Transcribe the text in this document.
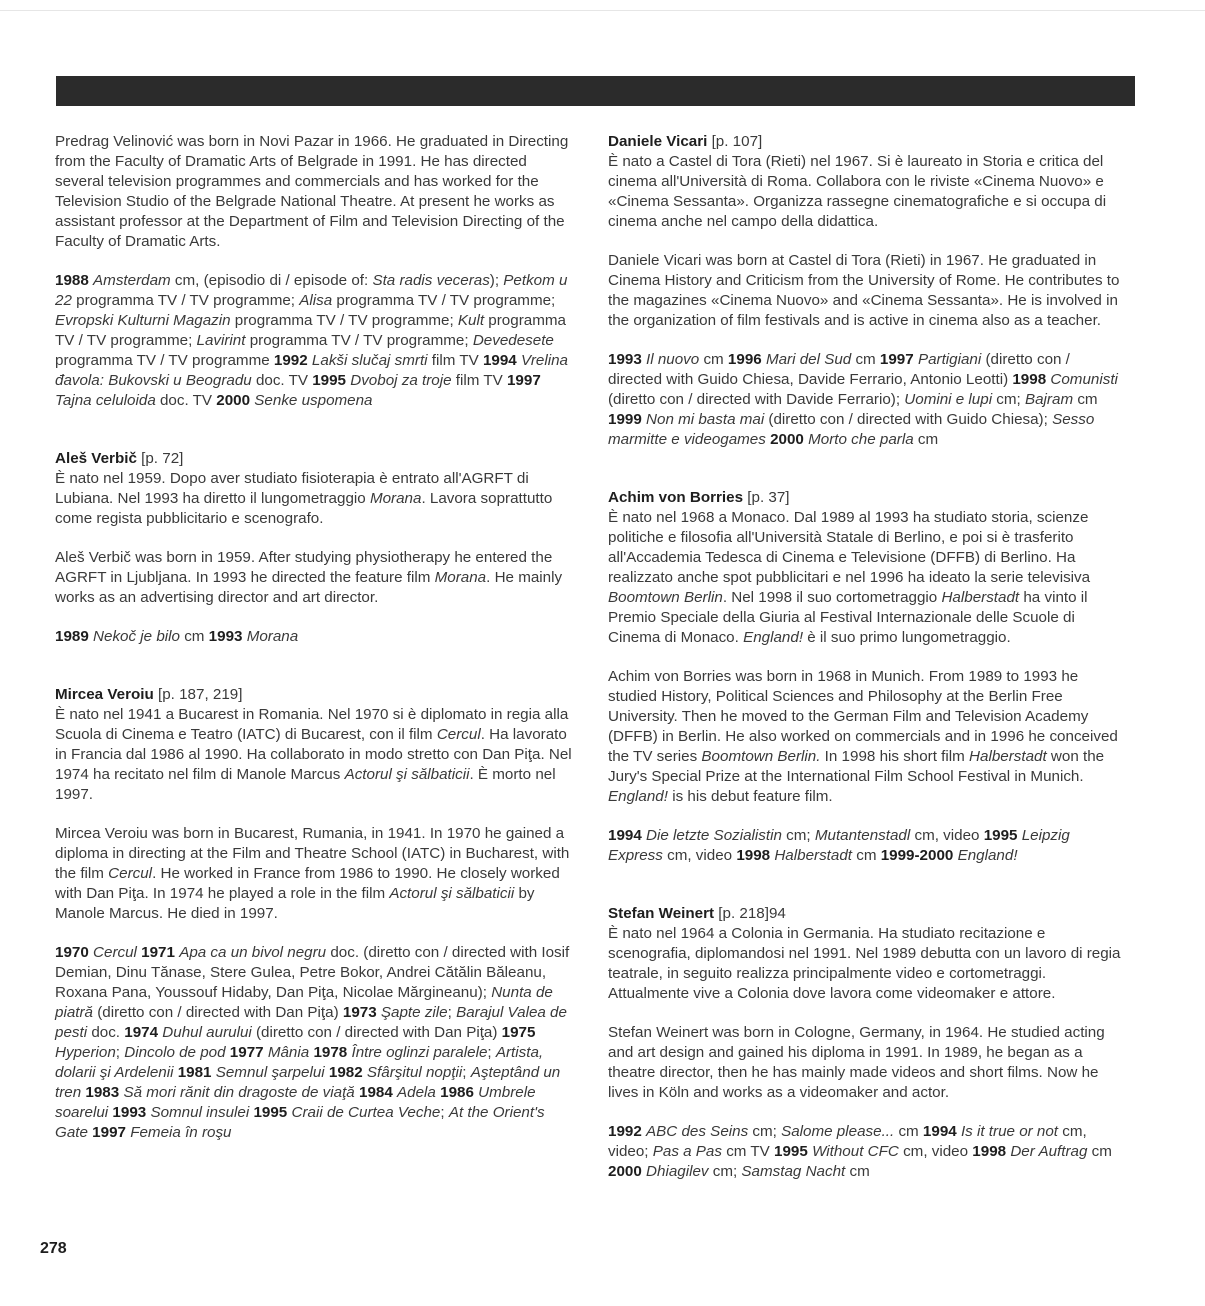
Predrag Velinović was born in Novi Pazar in 1966. He graduated in Directing from the Faculty of Dramatic Arts of Belgrade in 1991. He has directed several television programmes and commercials and has worked for the Television Studio of the Belgrade National Theatre. At present he works as assistant professor at the Department of Film and Television Directing of the Faculty of Dramatic Arts.

1988 Amsterdam cm, (episodio di / episode of: Sta radis veceras); Petkom u 22 programma TV / TV programme; Alisa programma TV / TV programme; Evropski Kulturni Magazin programma TV / TV programme; Kult programma TV / TV programme; Lavirint programma TV / TV programme; Devedesete programma TV / TV programme 1992 Lakši slučaj smrti film TV 1994 Vrelina đavola: Bukovski u Beogradu doc. TV 1995 Dvoboj za troje film TV 1997 Tajna celuloida doc. TV 2000 Senke uspomena

Aleš Verbič [p. 72]

È nato nel 1959. Dopo aver studiato fisioterapia è entrato all'AGRFT di Lubiana. Nel 1993 ha diretto il lungometraggio Morana. Lavora soprattutto come regista pubblicitario e scenografo.

Aleš Verbič was born in 1959. After studying physiotherapy he entered the AGRFT in Ljubljana. In 1993 he directed the feature film Morana. He mainly works as an advertising director and art director.

1989 Nekoč je bilo cm 1993 Morana

Mircea Veroiu [p. 187, 219]

È nato nel 1941 a Bucarest in Romania. Nel 1970 si è diplomato in regia alla Scuola di Cinema e Teatro (IATC) di Bucarest, con il film Cercul. Ha lavorato in Francia dal 1986 al 1990. Ha collaborato in modo stretto con Dan Piţa. Nel 1974 ha recitato nel film di Manole Marcus Actorul şi sălbaticii. È morto nel 1997.

Mircea Veroiu was born in Bucarest, Rumania, in 1941. In 1970 he gained a diploma in directing at the Film and Theatre School (IATC) in Bucharest, with the film Cercul. He worked in France from 1986 to 1990. He closely worked with Dan Piţa. In 1974 he played a role in the film Actorul şi sălbaticii by Manole Marcus. He died in 1997.

1970 Cercul 1971 Apa ca un bivol negru doc. (diretto con / directed with Iosif Demian, Dinu Tănase, Stere Gulea, Petre Bokor, Andrei Cătălin Băleanu, Roxana Pana, Youssouf Hidaby, Dan Piţa, Nicolae Mărgineanu); Nunta de piatră (diretto con / directed with Dan Piţa) 1973 Şapte zile; Barajul Valea de pesti doc. 1974 Duhul aurului (diretto con / directed with Dan Piţa) 1975 Hyperion; Dincolo de pod 1977 Mânia 1978 Între oglinzi paralele; Artista, dolarii şi Ardelenii 1981 Semnul şarpelui 1982 Sfârşitul nopţii; Aşteptând un tren 1983 Să mori rănit din dragoste de viaţă 1984 Adela 1986 Umbrele soarelui 1993 Somnul insulei 1995 Craii de Curtea Veche; At the Orient's Gate 1997 Femeia în roşu

Daniele Vicari [p. 107]

È nato a Castel di Tora (Rieti) nel 1967. Si è laureato in Storia e critica del cinema all'Università di Roma. Collabora con le riviste «Cinema Nuovo» e «Cinema Sessanta». Organizza rassegne cinematografiche e si occupa di cinema anche nel campo della didattica.

Daniele Vicari was born at Castel di Tora (Rieti) in 1967. He graduated in Cinema History and Criticism from the University of Rome. He contributes to the magazines «Cinema Nuovo» and «Cinema Sessanta». He is involved in the organization of film festivals and is active in cinema also as a teacher.

1993 Il nuovo cm 1996 Mari del Sud cm 1997 Partigiani (diretto con / directed with Guido Chiesa, Davide Ferrario, Antonio Leotti) 1998 Comunisti (diretto con / directed with Davide Ferrario); Uomini e lupi cm; Bajram cm 1999 Non mi basta mai (diretto con / directed with Guido Chiesa); Sesso marmitte e videogames 2000 Morto che parla cm

Achim von Borries [p. 37]

È nato nel 1968 a Monaco. Dal 1989 al 1993 ha studiato storia, scienze politiche e filosofia all'Università Statale di Berlino, e poi si è trasferito all'Accademia Tedesca di Cinema e Televisione (DFFB) di Berlino. Ha realizzato anche spot pubblicitari e nel 1996 ha ideato la serie televisiva Boomtown Berlin. Nel 1998 il suo cortometraggio Halberstadt ha vinto il Premio Speciale della Giuria al Festival Internazionale delle Scuole di Cinema di Monaco. England! è il suo primo lungometraggio.

Achim von Borries was born in 1968 in Munich. From 1989 to 1993 he studied History, Political Sciences and Philosophy at the Berlin Free University. Then he moved to the German Film and Television Academy (DFFB) in Berlin. He also worked on commercials and in 1996 he conceived the TV series Boomtown Berlin. In 1998 his short film Halberstadt won the Jury's Special Prize at the International Film School Festival in Munich. England! is his debut feature film.

1994 Die letzte Sozialistin cm; Mutantenstadl cm, video 1995 Leipzig Express cm, video 1998 Halberstadt cm 1999-2000 England!

Stefan Weinert [p. 218]94

È nato nel 1964 a Colonia in Germania. Ha studiato recitazione e scenografia, diplomandosi nel 1991. Nel 1989 debutta con un lavoro di regia teatrale, in seguito realizza principalmente video e cortometraggi. Attualmente vive a Colonia dove lavora come videomaker e attore.

Stefan Weinert was born in Cologne, Germany, in 1964. He studied acting and art design and gained his diploma in 1991. In 1989, he began as a theatre director, then he has mainly made videos and short films. Now he lives in Köln and works as a videomaker and actor.

1992 ABC des Seins cm; Salome please... cm 1994 Is it true or not cm, video; Pas a Pas cm TV 1995 Without CFC cm, video 1998 Der Auftrag cm 2000 Dhiagilev cm; Samstag Nacht cm

278
